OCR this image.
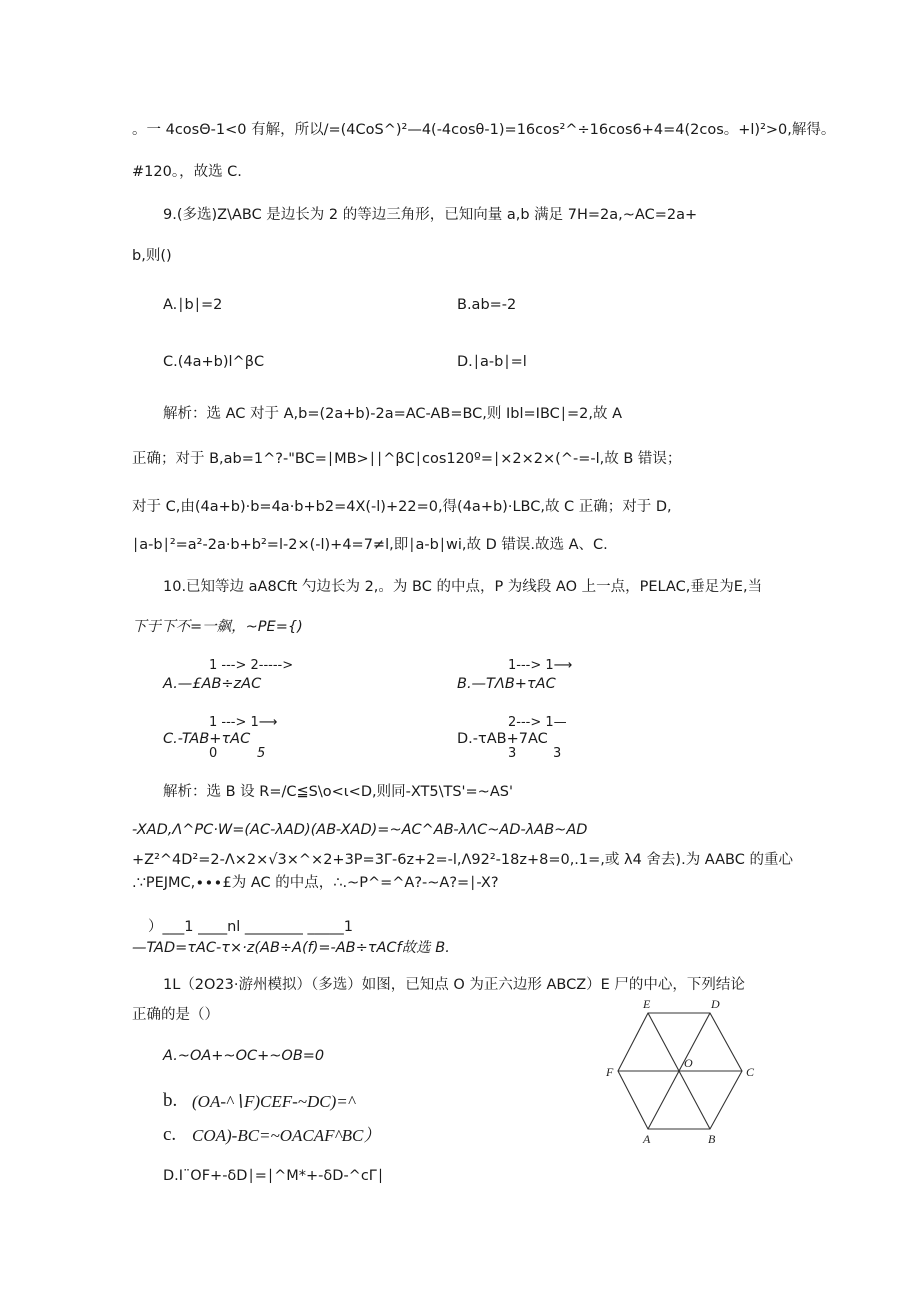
。一 4cosΘ-1<0 有解，所以/=(4CoS^)²—4(-4cosθ-1)=16cos²^÷16cos6+4=4(2cos。+l)²>0,解得。
#120。，故选 C.
9.(多选)Z\ABC 是边长为 2 的等边三角形，已知向量 a,b 满足 7H=2a,~AC=2a+
b,则()
A.∣b∣=2	B.ab=-2
C.(4a+b)l^βC	D.∣a-b∣=l
解析：选 AC 对于 A,b=(2a+b)-2a=AC-AB=BC,则 Ibl=IBC∣=2,故 A
正确；对于 B,ab=1^?-"BC=∣MB>∣∣^βC∣cos120º=∣×2×2×(^-=-l,故 B 错误；
对于 C,由(4a+b)·b=4a·b+b2=4X(-l)+22=0,得(4a+b)·LBC,故 C 正确；对于 D,
∣a-b∣²=a²-2a·b+b²=l-2×(-l)+4=7≠l,即∣a-b∣wi,故 D 错误.故选 A、C.
10.已知等边 aA8Cft 勺边长为 2,。为 BC 的中点，P 为线段 AO 上一点，PELAC,垂足为E,当
下于下不=一飙，~PE={)
1 ---> 2----->
A.—£AB÷zAC
1---> 1⟶
B.—TΛB+τAC
1 ---> 1⟶
C.-TAB+τAC
0	5
2---> 1—
D.-τAB+7AC
3	3
解析：选 B 设 R=∕C≦S\o<ι<D,则同-XT5\TS'=~AS'
-XAD,Λ^PC·W=(AC-λAD)(AB-XAD)=~AC^AB-λΛC~AD-λAB~AD
+Z²^4D²=2-Λ×2×√3×^×2+3P=3Γ-6z+2=-l,Λ92²-18z+8=0,.1=,或 λ4 舍去).为 AABC 的重心
.∵PEJMC,∙∙∙£为 AC 的中点，∴.~P^=^A?-~A?=∣-X?
）___1 ____nl ________ _____1
—TAD=τAC-τ×·z(AB÷A(f)=-AB÷τACf故选 B.
1L（2O23·游州模拟）（多选）如图，已知点 O 为正六边形 ABCZ）E 尸的中心，下列结论
正确的是（）
A.~OA+~OC+~OB=0
b. (OA-^∖F)CEF-~DC)=^
c. COA)-BC=~OACAF^BC）
D.I¨OF+-δD∣=∣^M*+-δD-^cΓ∣
E	D
F
O
C
A	B
